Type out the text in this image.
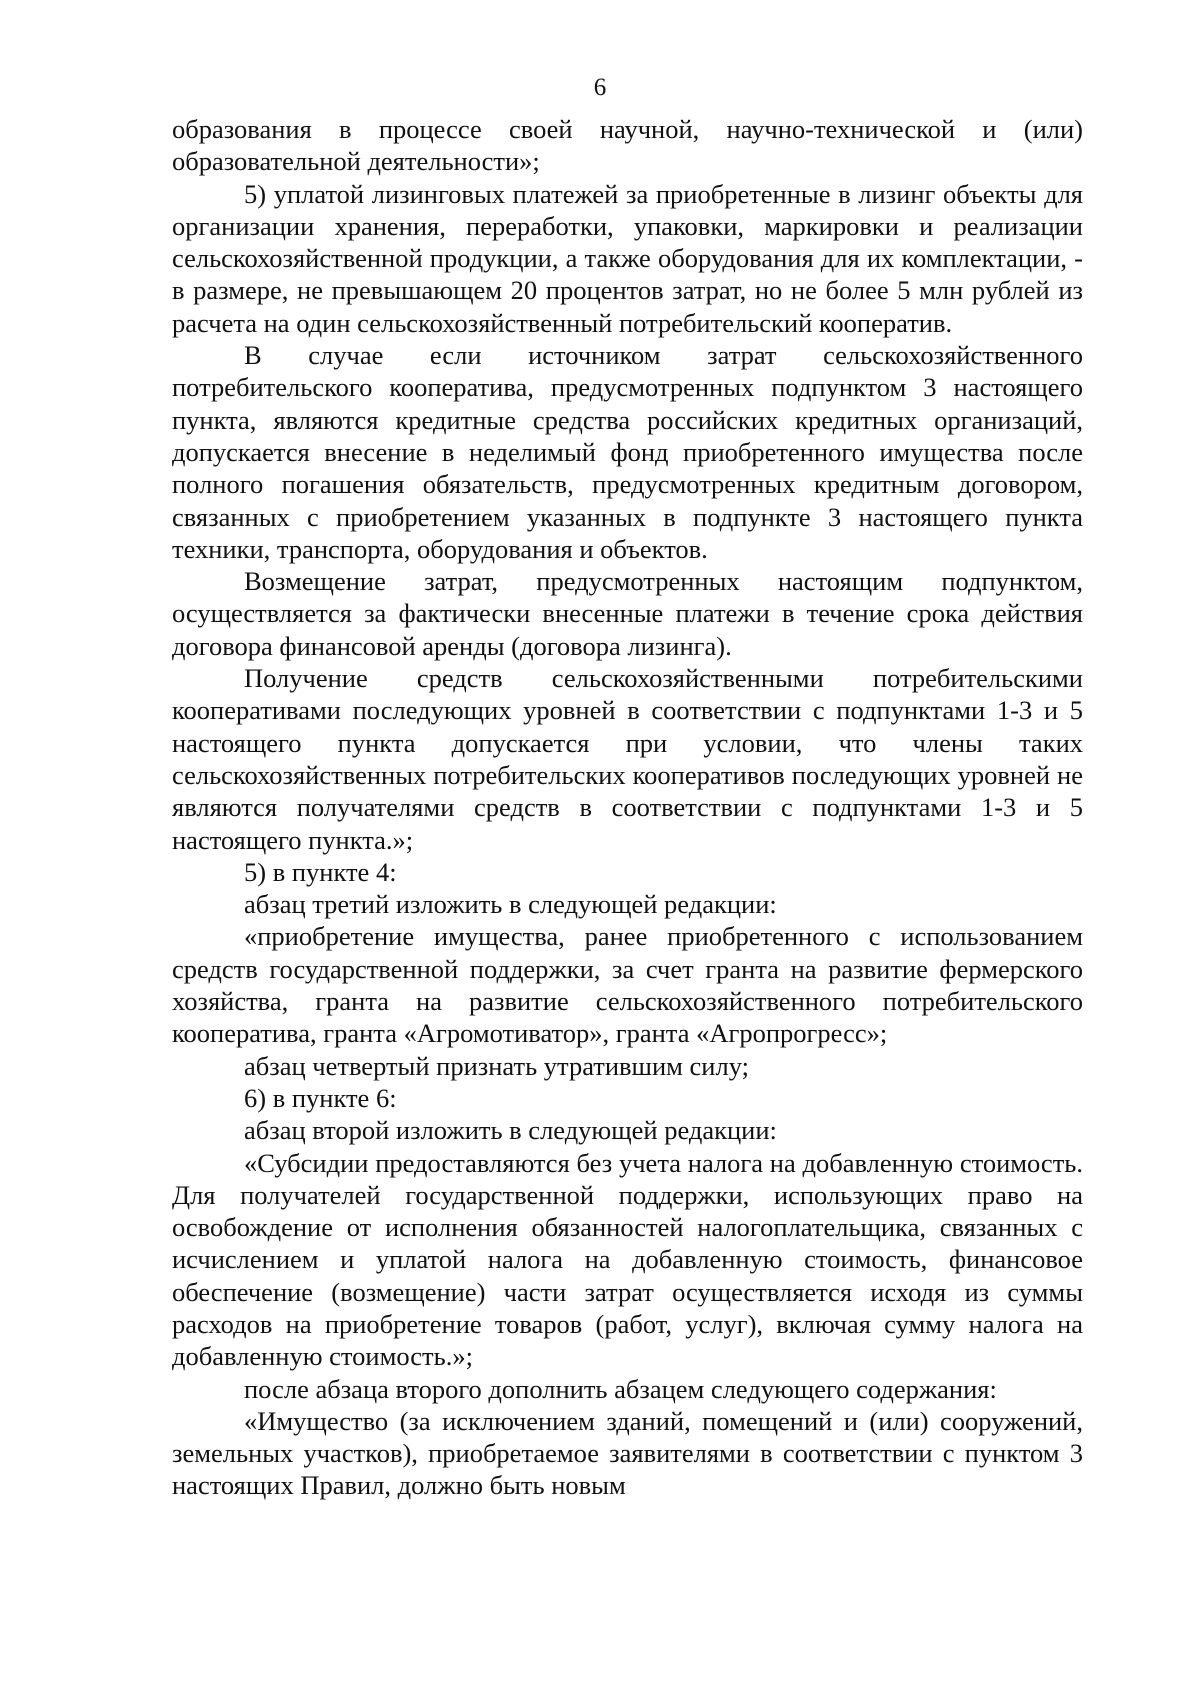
6

образования в процессе своей научной, научно-технической и (или) образовательной деятельности»;

5) уплатой лизинговых платежей за приобретенные в лизинг объекты для организации хранения, переработки, упаковки, маркировки и реализации сельскохозяйственной продукции, а также оборудования для их комплектации, - в размере, не превышающем 20 процентов затрат, но не более 5 млн рублей из расчета на один сельскохозяйственный потребительский кооператив.

В случае если источником затрат сельскохозяйственного потребительского кооператива, предусмотренных подпунктом 3 настоящего пункта, являются кредитные средства российских кредитных организаций, допускается внесение в неделимый фонд приобретенного имущества после полного погашения обязательств, предусмотренных кредитным договором, связанных с приобретением указанных в подпункте 3 настоящего пункта техники, транспорта, оборудования и объектов.

Возмещение затрат, предусмотренных настоящим подпунктом, осуществляется за фактически внесенные платежи в течение срока действия договора финансовой аренды (договора лизинга).

Получение средств сельскохозяйственными потребительскими кооперативами последующих уровней в соответствии с подпунктами 1-3 и 5 настоящего пункта допускается при условии, что члены таких сельскохозяйственных потребительских кооперативов последующих уровней не являются получателями средств в соответствии с подпунктами 1-3 и 5 настоящего пункта.»;

5) в пункте 4:

абзац третий изложить в следующей редакции:

«приобретение имущества, ранее приобретенного с использованием средств государственной поддержки, за счет гранта на развитие фермерского хозяйства, гранта на развитие сельскохозяйственного потребительского кооператива, гранта «Агромотиватор», гранта «Агропрогресс»;

абзац четвертый признать утратившим силу;

6) в пункте 6:

абзац второй изложить в следующей редакции:

«Субсидии предоставляются без учета налога на добавленную стоимость. Для получателей государственной поддержки, использующих право на освобождение от исполнения обязанностей налогоплательщика, связанных с исчислением и уплатой налога на добавленную стоимость, финансовое обеспечение (возмещение) части затрат осуществляется исходя из суммы расходов на приобретение товаров (работ, услуг), включая сумму налога на добавленную стоимость.»;

после абзаца второго дополнить абзацем следующего содержания:

«Имущество (за исключением зданий, помещений и (или) сооружений, земельных участков), приобретаемое заявителями в соответствии с пунктом 3 настоящих Правил, должно быть новым
